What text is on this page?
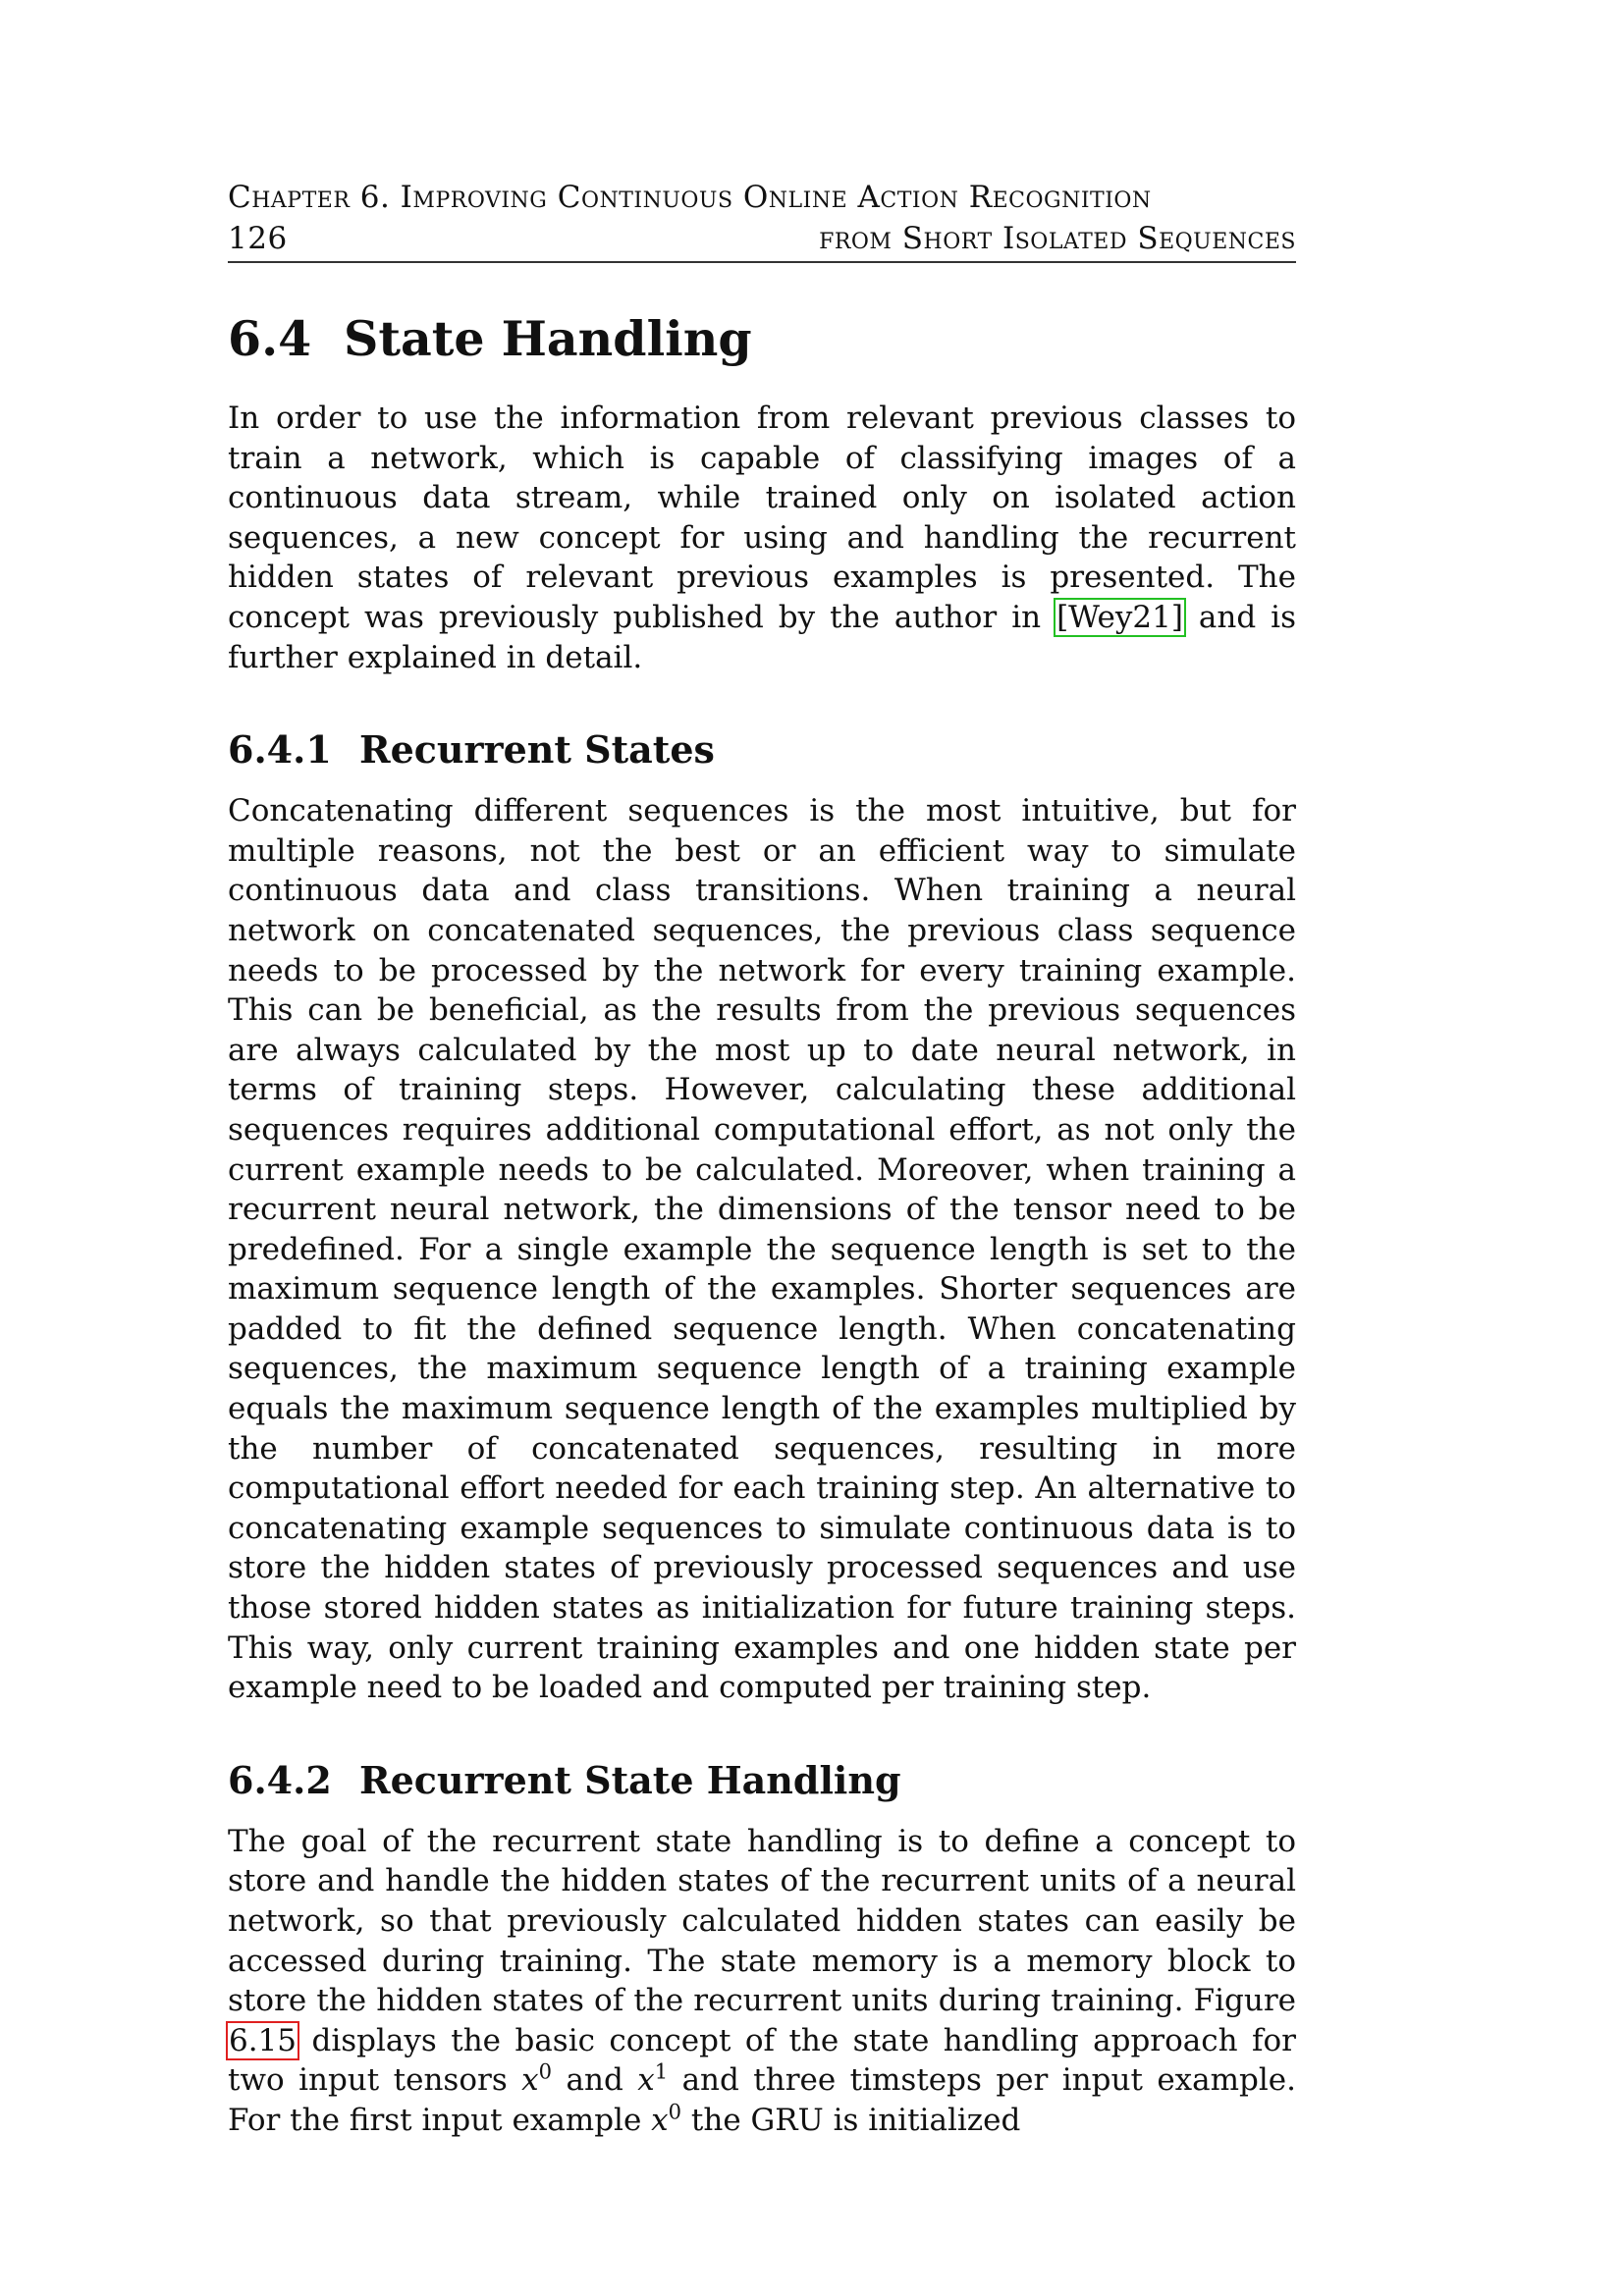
Chapter 6. Improving Continuous Online Action Recognition
126	from Short Isolated Sequences
6.4 State Handling

In order to use the information from relevant previous classes to train a network, which is capable of classifying images of a continuous data stream, while trained only on isolated action sequences, a new concept for using and handling the recurrent hidden states of relevant previous examples is presented. The concept was previously published by the author in [Wey21] and is further explained in detail.

6.4.1 Recurrent States

Concatenating different sequences is the most intuitive, but for multiple reasons, not the best or an efficient way to simulate continuous data and class transitions. When training a neural network on concatenated sequences, the previous class sequence needs to be processed by the network for every training example. This can be beneficial, as the results from the previous sequences are always calculated by the most up to date neural network, in terms of training steps. However, calculating these additional sequences requires additional computational effort, as not only the current example needs to be calculated. Moreover, when training a recurrent neural network, the dimensions of the tensor need to be predefined. For a single example the sequence length is set to the maximum sequence length of the examples. Shorter sequences are padded to fit the defined sequence length. When concatenating sequences, the maximum sequence length of a training example equals the maximum sequence length of the examples multiplied by the number of concatenated sequences, resulting in more computational effort needed for each training step. An alternative to concatenating example sequences to simulate continuous data is to store the hidden states of previously processed sequences and use those stored hidden states as initialization for future training steps. This way, only current training examples and one hidden state per example need to be loaded and computed per training step.

6.4.2 Recurrent State Handling

The goal of the recurrent state handling is to define a concept to store and handle the hidden states of the recurrent units of a neural network, so that previously calculated hidden states can easily be accessed during training. The state memory is a memory block to store the hidden states of the recurrent units during training. Figure 6.15 displays the basic concept of the state handling approach for two input tensors $x^0$ and $x^1$ and three timsteps per input example. For the first input example $x^0$ the GRU is initialized
